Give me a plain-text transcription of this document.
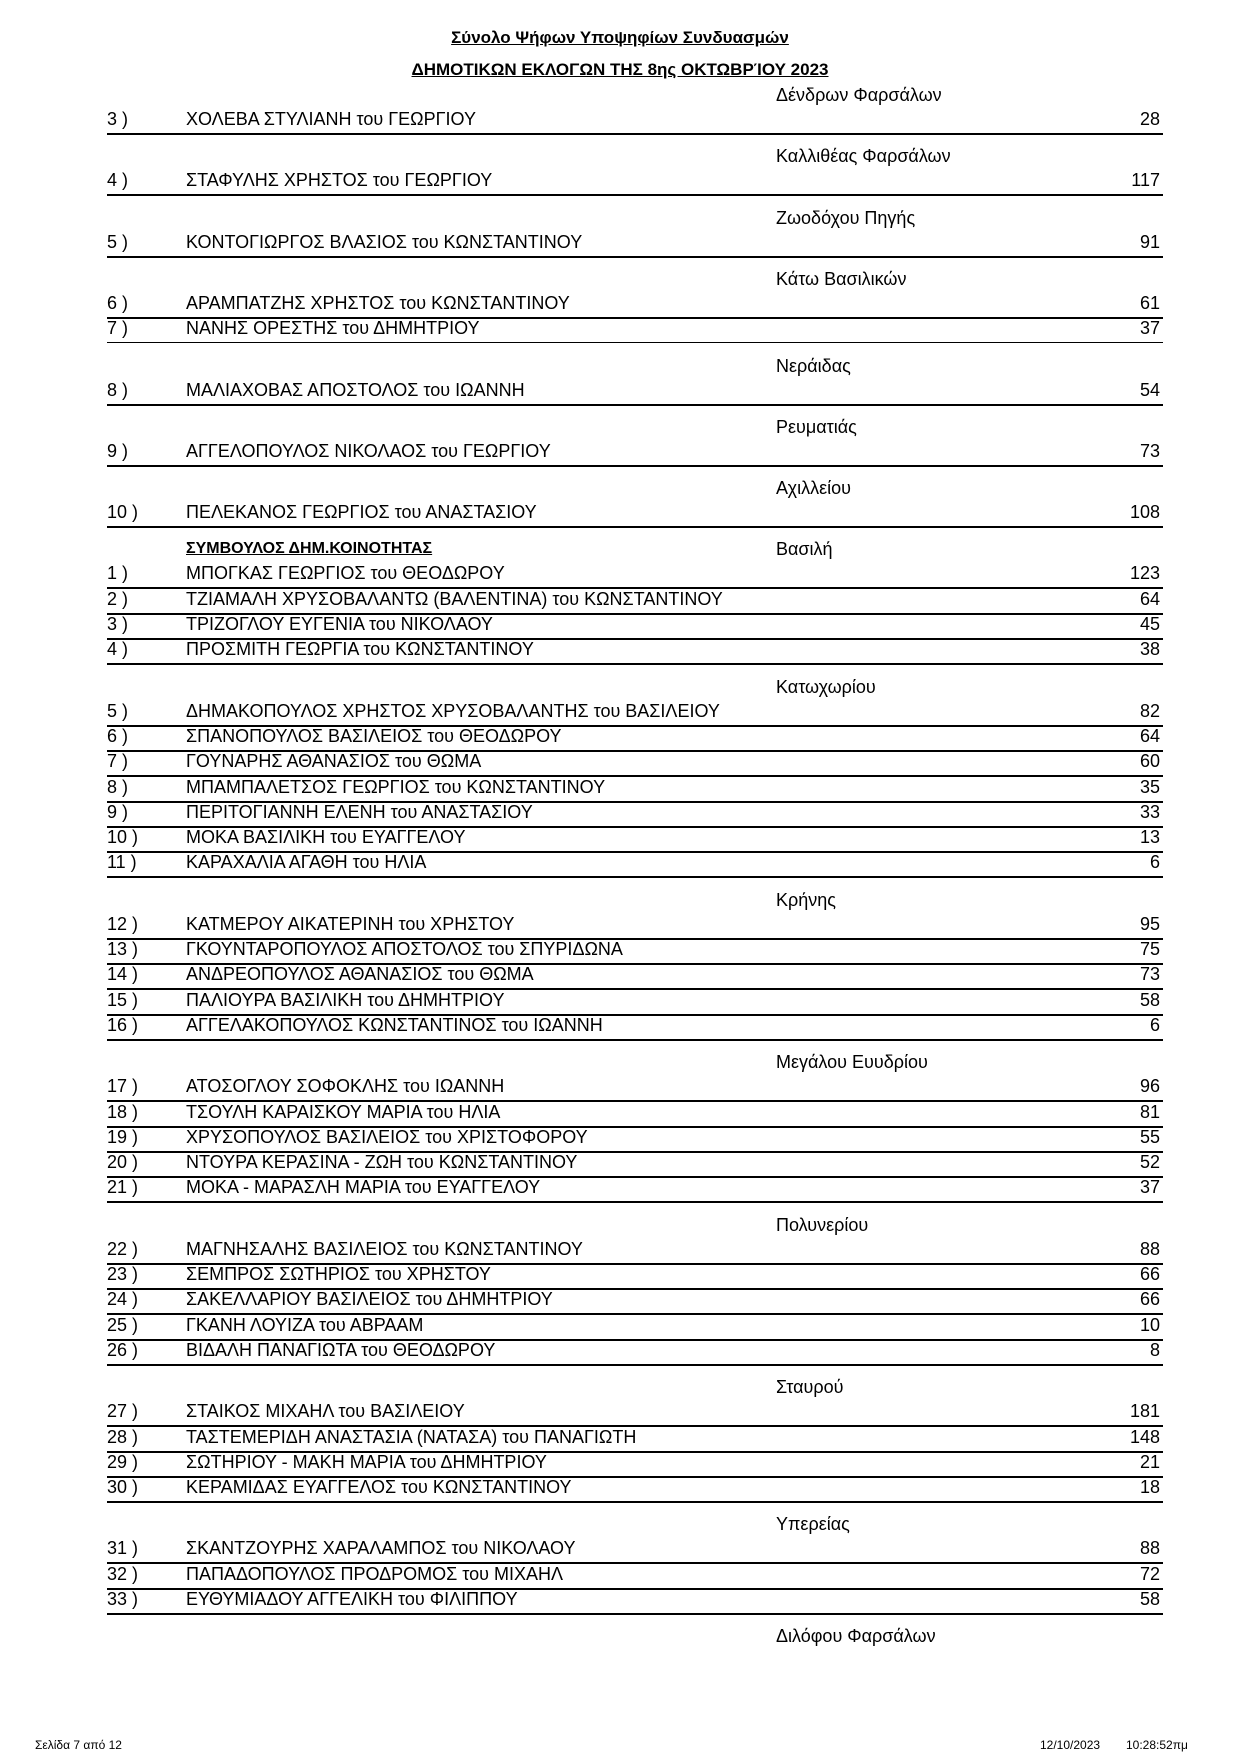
Σύνολο Ψήφων Υποψηφίων Συνδυασμών
ΔΗΜΟΤΙΚΩΝ ΕΚΛΟΓΩΝ ΤΗΣ 8ης ΟΚΤΩΒΡΊΟΥ 2023
Δένδρων Φαρσάλων
3 )	ΧΟΛΕΒΑ ΣΤΥΛΙΑΝΗ του ΓΕΩΡΓΙΟΥ	28
Καλλιθέας Φαρσάλων
4 )	ΣΤΑΦΥΛΗΣ ΧΡΗΣΤΟΣ του ΓΕΩΡΓΙΟΥ	117
Ζωοδόχου Πηγής
5 )	ΚΟΝΤΟΓΙΩΡΓΟΣ ΒΛΑΣΙΟΣ του ΚΩΝΣΤΑΝΤΙΝΟΥ	91
Κάτω Βασιλικών
6 )	ΑΡΑΜΠΑΤΖΗΣ ΧΡΗΣΤΟΣ του ΚΩΝΣΤΑΝΤΙΝΟΥ	61
7 )	ΝΑΝΗΣ ΟΡΕΣΤΗΣ του ΔΗΜΗΤΡΙΟΥ	37
Νεράιδας
8 )	ΜΑΛΙΑΧΟΒΑΣ ΑΠΟΣΤΟΛΟΣ του ΙΩΑΝΝΗ	54
Ρευματιάς
9 )	ΑΓΓΕΛΟΠΟΥΛΟΣ ΝΙΚΟΛΑΟΣ του ΓΕΩΡΓΙΟΥ	73
Αχιλλείου
10 )	ΠΕΛΕΚΑΝΟΣ ΓΕΩΡΓΙΟΣ του ΑΝΑΣΤΑΣΙΟΥ	108
Βασιλή
ΣΥΜΒΟΥΛΟΣ ΔΗΜ.ΚΟΙΝΟΤΗΤΑΣ
1 )	ΜΠΟΓΚΑΣ ΓΕΩΡΓΙΟΣ του ΘΕΟΔΩΡΟΥ	123
2 )	ΤΖΙΑΜΑΛΗ ΧΡΥΣΟΒΑΛΑΝΤΩ (ΒΑΛΕΝΤΙΝΑ) του ΚΩΝΣΤΑΝΤΙΝΟΥ	64
3 )	ΤΡΙΖΟΓΛΟΥ ΕΥΓΕΝΙΑ του ΝΙΚΟΛΑΟΥ	45
4 )	ΠΡΟΣΜΙΤΗ ΓΕΩΡΓΙΑ του ΚΩΝΣΤΑΝΤΙΝΟΥ	38
Κατωχωρίου
5 )	ΔΗΜΑΚΟΠΟΥΛΟΣ ΧΡΗΣΤΟΣ ΧΡΥΣΟΒΑΛΑΝΤΗΣ του ΒΑΣΙΛΕΙΟΥ	82
6 )	ΣΠΑΝΟΠΟΥΛΟΣ ΒΑΣΙΛΕΙΟΣ του ΘΕΟΔΩΡΟΥ	64
7 )	ΓΟΥΝΑΡΗΣ ΑΘΑΝΑΣΙΟΣ του ΘΩΜΑ	60
8 )	ΜΠΑΜΠΑΛΕΤΣΟΣ ΓΕΩΡΓΙΟΣ του ΚΩΝΣΤΑΝΤΙΝΟΥ	35
9 )	ΠΕΡΙΤΟΓΙΑΝΝΗ ΕΛΕΝΗ του ΑΝΑΣΤΑΣΙΟΥ	33
10 )	ΜΟΚΑ ΒΑΣΙΛΙΚΗ του ΕΥΑΓΓΕΛΟΥ	13
11 )	ΚΑΡΑΧΑΛΙΑ ΑΓΑΘΗ του ΗΛΙΑ	6
Κρήνης
12 )	ΚΑΤΜΕΡΟΥ ΑΙΚΑΤΕΡΙΝΗ του ΧΡΗΣΤΟΥ	95
13 )	ΓΚΟΥΝΤΑΡΟΠΟΥΛΟΣ ΑΠΟΣΤΟΛΟΣ του ΣΠΥΡΙΔΩΝΑ	75
14 )	ΑΝΔΡΕΟΠΟΥΛΟΣ ΑΘΑΝΑΣΙΟΣ του ΘΩΜΑ	73
15 )	ΠΑΛΙΟΥΡΑ ΒΑΣΙΛΙΚΗ του ΔΗΜΗΤΡΙΟΥ	58
16 )	ΑΓΓΕΛΑΚΟΠΟΥΛΟΣ ΚΩΝΣΤΑΝΤΙΝΟΣ του ΙΩΑΝΝΗ	6
Μεγάλου Ευυδρίου
17 )	ΑΤΟΣΟΓΛΟΥ ΣΟΦΟΚΛΗΣ του ΙΩΑΝΝΗ	96
18 )	ΤΣΟΥΛΗ ΚΑΡΑΙΣΚΟΥ ΜΑΡΙΑ του ΗΛΙΑ	81
19 )	ΧΡΥΣΟΠΟΥΛΟΣ ΒΑΣΙΛΕΙΟΣ του ΧΡΙΣΤΟΦΟΡΟΥ	55
20 )	ΝΤΟΥΡΑ ΚΕΡΑΣΙΝΑ - ΖΩΗ του ΚΩΝΣΤΑΝΤΙΝΟΥ	52
21 )	ΜΟΚΑ - ΜΑΡΑΣΛΗ ΜΑΡΙΑ του ΕΥΑΓΓΕΛΟΥ	37
Πολυνερίου
22 )	ΜΑΓΝΗΣΑΛΗΣ ΒΑΣΙΛΕΙΟΣ του ΚΩΝΣΤΑΝΤΙΝΟΥ	88
23 )	ΣΕΜΠΡΟΣ ΣΩΤΗΡΙΟΣ του ΧΡΗΣΤΟΥ	66
24 )	ΣΑΚΕΛΛΑΡΙΟΥ ΒΑΣΙΛΕΙΟΣ του ΔΗΜΗΤΡΙΟΥ	66
25 )	ΓΚΑΝΗ ΛΟΥΙΖΑ του ΑΒΡΑΑΜ	10
26 )	ΒΙΔΑΛΗ ΠΑΝΑΓΙΩΤΑ του ΘΕΟΔΩΡΟΥ	8
Σταυρού
27 )	ΣΤΑΙΚΟΣ ΜΙΧΑΗΛ του ΒΑΣΙΛΕΙΟΥ	181
28 )	ΤΑΣΤΕΜΕΡΙΔΗ ΑΝΑΣΤΑΣΙΑ (ΝΑΤΑΣΑ) του ΠΑΝΑΓΙΩΤΗ	148
29 )	ΣΩΤΗΡΙΟΥ - ΜΑΚΗ ΜΑΡΙΑ του ΔΗΜΗΤΡΙΟΥ	21
30 )	ΚΕΡΑΜΙΔΑΣ ΕΥΑΓΓΕΛΟΣ του ΚΩΝΣΤΑΝΤΙΝΟΥ	18
Υπερείας
31 )	ΣΚΑΝΤΖΟΥΡΗΣ ΧΑΡΑΛΑΜΠΟΣ του ΝΙΚΟΛΑΟΥ	88
32 )	ΠΑΠΑΔΟΠΟΥΛΟΣ ΠΡΟΔΡΟΜΟΣ του ΜΙΧΑΗΛ	72
33 )	ΕΥΘΥΜΙΑΔΟΥ ΑΓΓΕΛΙΚΗ του ΦΙΛΙΠΠΟΥ	58
Διλόφου Φαρσάλων
Σελίδα 7 από 12	12/10/2023 10:28:52πμ
